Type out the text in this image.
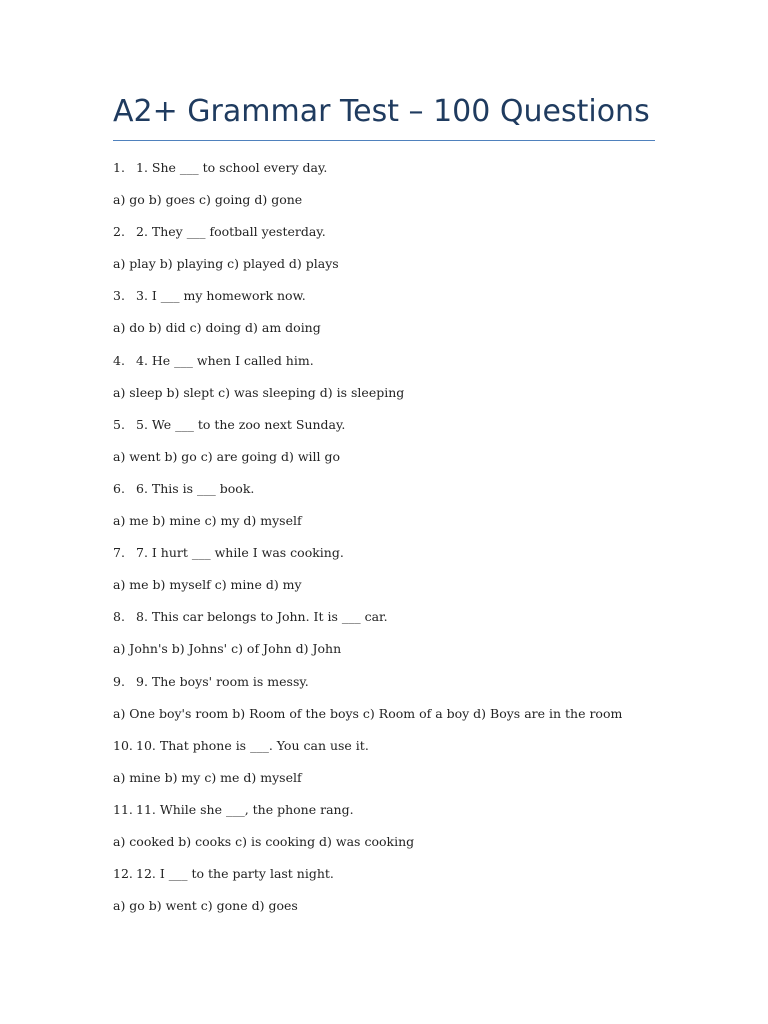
A2+ Grammar Test – 100 Questions
1. 1. She ___ to school every day.
a) go b) goes c) going d) gone
2. 2. They ___ football yesterday.
a) play b) playing c) played d) plays
3. 3. I ___ my homework now.
a) do b) did c) doing d) am doing
4. 4. He ___ when I called him.
a) sleep b) slept c) was sleeping d) is sleeping
5. 5. We ___ to the zoo next Sunday.
a) went b) go c) are going d) will go
6. 6. This is ___ book.
a) me b) mine c) my d) myself
7. 7. I hurt ___ while I was cooking.
a) me b) myself c) mine d) my
8. 8. This car belongs to John. It is ___ car.
a) John's b) Johns' c) of John d) John
9. 9. The boys' room is messy.
a) One boy's room b) Room of the boys c) Room of a boy d) Boys are in the room
10. 10. That phone is ___. You can use it.
a) mine b) my c) me d) myself
11. 11. While she ___, the phone rang.
a) cooked b) cooks c) is cooking d) was cooking
12. 12. I ___ to the party last night.
a) go b) went c) gone d) goes
